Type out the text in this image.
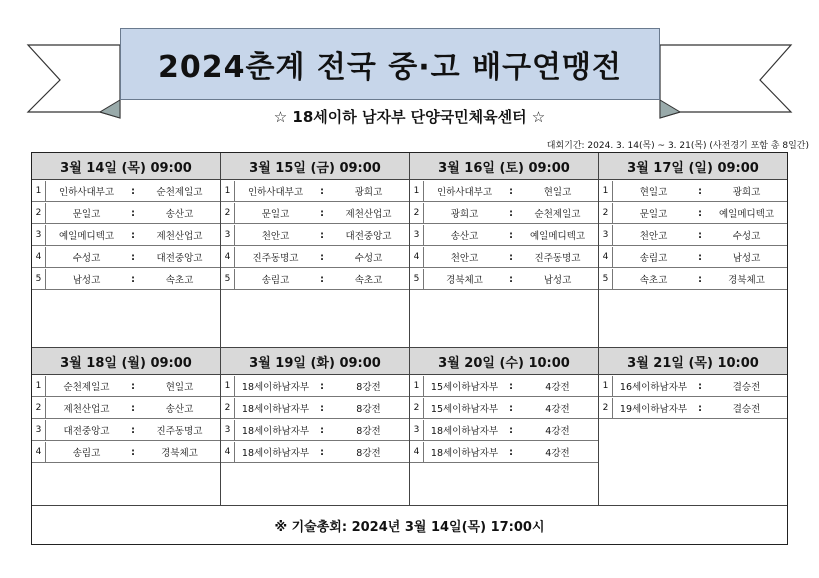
2024춘계 전국 중·고 배구연맹전
☆ 18세이하 남자부 단양국민체육센터 ☆
대회기간: 2024. 3. 14(목) ~ 3. 21(목) (사전경기 포함 총 8일간)
3월 14일 (목) 09:00
1	인하사대부고	:	순천제일고
2	문일고	:	송산고
3	예일메디텍고	:	제천산업고
4	수성고	:	대전중앙고
5	남성고	:	속초고
3월 15일 (금) 09:00
1	인하사대부고	:	광희고
2	문일고	:	제천산업고
3	천안고	:	대전중앙고
4	진주동명고	:	수성고
5	송림고	:	속초고
3월 16일 (토) 09:00
1	인하사대부고	:	현일고
2	광희고	:	순천제일고
3	송산고	:	예일메디텍고
4	천안고	:	진주동명고
5	경북체고	:	남성고
3월 17일 (일) 09:00
1	현일고	:	광희고
2	문일고	:	예일메디텍고
3	천안고	:	수성고
4	송림고	:	남성고
5	속초고	:	경북체고
3월 18일 (월) 09:00
1	순천제일고	:	현일고
2	제천산업고	:	송산고
3	대전중앙고	:	진주동명고
4	송림고	:	경북체고
3월 19일 (화) 09:00
1	18세이하남자부	:	8강전
2	18세이하남자부	:	8강전
3	18세이하남자부	:	8강전
4	18세이하남자부	:	8강전
3월 20일 (수) 10:00
1	15세이하남자부	:	4강전
2	15세이하남자부	:	4강전
3	18세이하남자부	:	4강전
4	18세이하남자부	:	4강전
3월 21일 (목) 10:00
1	16세이하남자부	:	결승전
2	19세이하남자부	:	결승전
※ 기술총회: 2024년 3월 14일(목) 17:00시
